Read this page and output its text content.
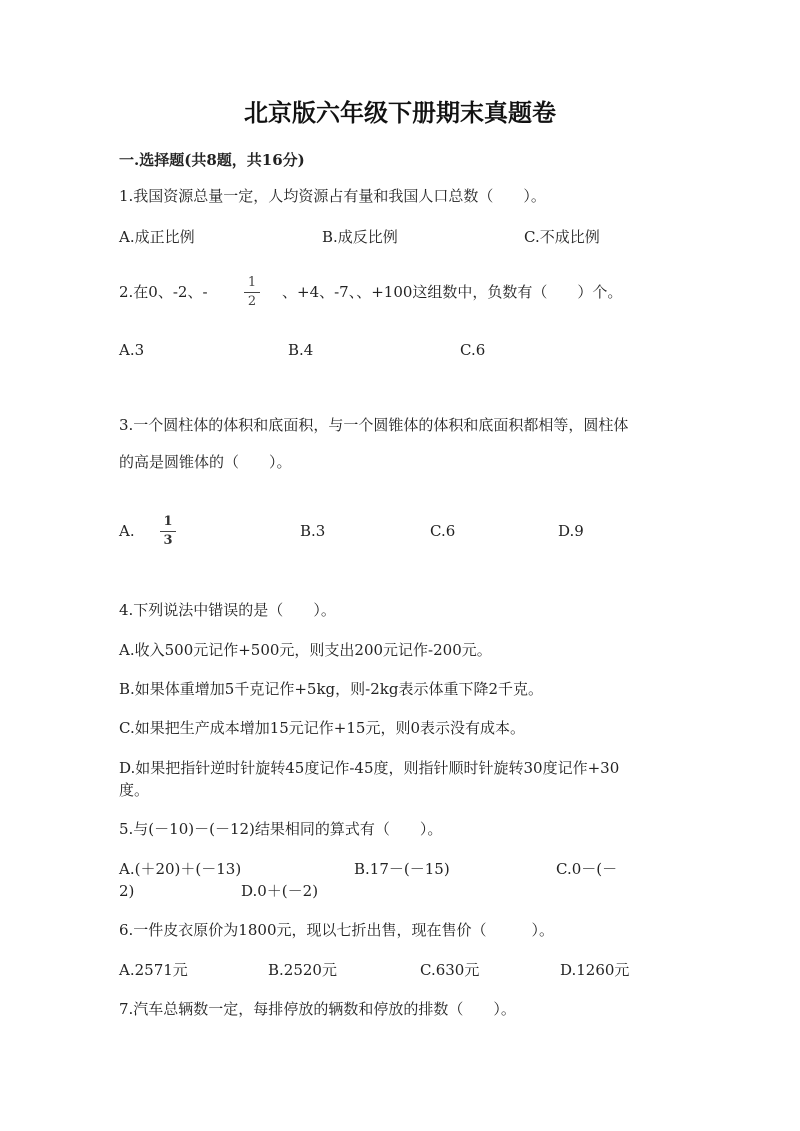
北京版六年级下册期末真题卷
一.选择题(共8题，共16分)
1.我国资源总量一定，人均资源占有量和我国人口总数（　　）。
A.成正比例	B.成反比例	C.不成比例
2.在0、-2、-
1
2
、+4、-7、、+100这组数中，负数有（　　）个。
A.3	B.4	C.6
3.一个圆柱体的体积和底面积，与一个圆锥体的体积和底面积都相等，圆柱体
的高是圆锥体的（　　）。
A.
1
3
B.3	C.6	D.9
4.下列说法中错误的是（　　）。
A.收入500元记作+500元，则支出200元记作-200元。
B.如果体重增加5千克记作+5kg，则-2kg表示体重下降2千克。
C.如果把生产成本增加15元记作+15元，则0表示没有成本。
D.如果把指针逆时针旋转45度记作-45度，则指针顺时针旋转30度记作+30
度。
5.与(－10)－(－12)结果相同的算式有（　　）。
A.(＋20)＋(－13)	B.17－(－15)	C.0－(－
2)	D.0＋(－2)
6.一件皮衣原价为1800元，现以七折出售，现在售价（　　　）。
A.2571元	B.2520元	C.630元	D.1260元
7.汽车总辆数一定，每排停放的辆数和停放的排数（　　）。
